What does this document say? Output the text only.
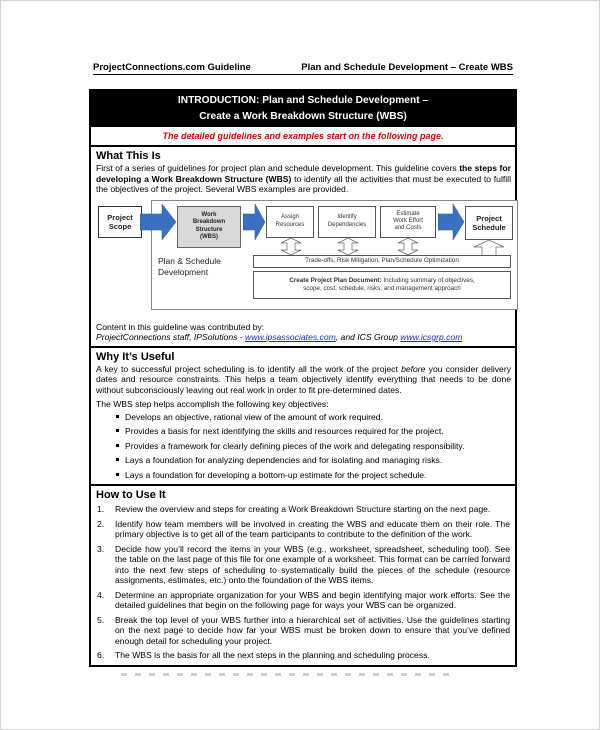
ProjectConnections.com Guideline	Plan and Schedule Development – Create WBS
INTRODUCTION: Plan and Schedule Development –
Create a Work Breakdown Structure (WBS)
The detailed guidelines and examples start on the following page.
What This Is
First of a series of guidelines for project plan and schedule development. This guideline covers the steps for developing a Work Breakdown Structure (WBS) to identify all the activities that must be executed to fulfill the objectives of the project. Several WBS examples are provided.
Project
Scope
Work
Breakdown
Structure
(WBS)
Assign
Resources
Identify
Dependencies
Estimate
Work Effort
and Costs
Project
Schedule
Plan & Schedule
Development
Trade-offs, Risk Mitigation, Plan/Schedule Optimization
Create Project Plan Document: Including summary of objectives,
scope, cost, schedule, risks, and management approach
Content in this guideline was contributed by:
ProjectConnections staff, IPSolutions - www.ipsassociates.com, and ICS Group www.icsgrp.com
Why It’s Useful
A key to successful project scheduling is to identify all the work of the project before you consider delivery dates and resource constraints. This helps a team objectively identify everything that needs to be done without subconsciously leaving out real work in order to fit pre-determined dates.
The WBS step helps accomplish the following key objectives:
Develops an objective, rational view of the amount of work required.
Provides a basis for next identifying the skills and resources required for the project.
Provides a framework for clearly defining pieces of the work and delegating responsibility.
Lays a foundation for analyzing dependencies and for isolating and managing risks.
Lays a foundation for developing a bottom-up estimate for the project schedule.
How to Use It
1.	Review the overview and steps for creating a Work Breakdown Structure starting on the next page.
2.	Identify how team members will be involved in creating the WBS and educate them on their role. The primary objective is to get all of the team participants to contribute to the definition of the work.
3.	Decide how you’ll record the items in your WBS (e.g., worksheet, spreadsheet, scheduling tool). See the table on the last page of this file for one example of a worksheet. This format can be carried forward into the next few steps of scheduling to systematically build the pieces of the schedule (resource assignments, estimates, etc.) onto the foundation of the WBS items.
4.	Determine an appropriate organization for your WBS and begin identifying major work efforts. See the detailed guidelines that begin on the following page for ways your WBS can be organized.
5.	Break the top level of your WBS further into a hierarchical set of activities. Use the guidelines starting on the next page to decide how far your WBS must be broken down to ensure that you’ve defined enough detail for scheduling your project.
6.	The WBS is the basis for all the next steps in the planning and scheduling process.
